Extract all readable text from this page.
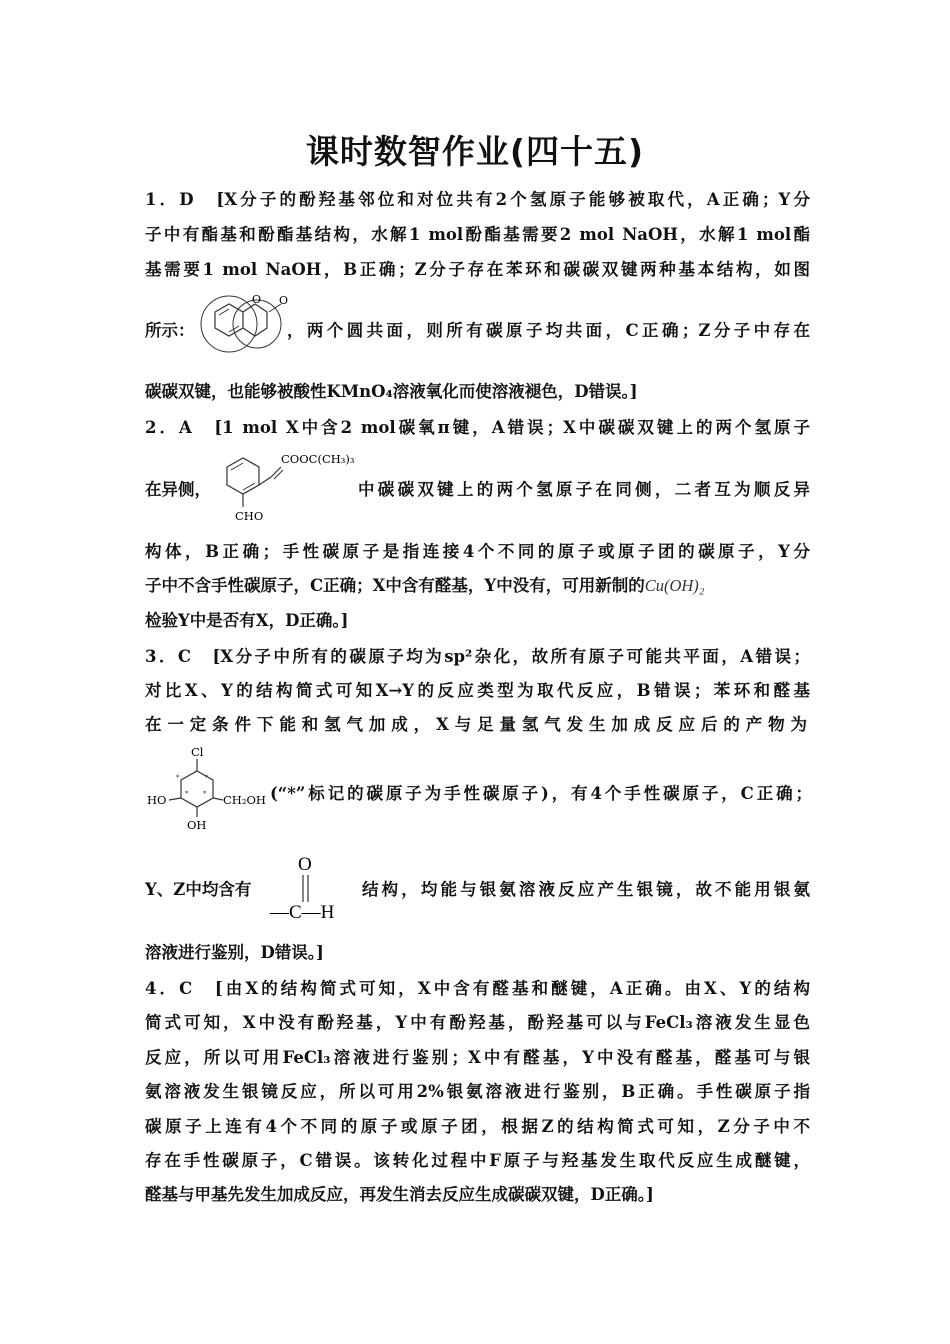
课时数智作业(四十五)
1．D　[X分子的酚羟基邻位和对位共有2个氢原子能够被取代，A正确；Y分
子中有酯基和酚酯基结构，水解1 mol酚酯基需要2 mol NaOH，水解1 mol酯
基需要1 mol NaOH，B正确；Z分子存在苯环和碳碳双键两种基本结构，如图
所示：
O O
，两个圆共面，则所有碳原子均共面，C正确；Z分子中存在
碳碳双键，也能够被酸性KMnO₄溶液氧化而使溶液褪色，D错误。]
2．A　[1 mol X中含2 mol碳氧π键，A错误；X中碳碳双键上的两个氢原子
在异侧，
COOC(CH₃)₃
CHO
中碳碳双键上的两个氢原子在同侧，二者互为顺反异
构体，B正确；手性碳原子是指连接4个不同的原子或原子团的碳原子，Y分
子中不含手性碳原子，C正确；X中含有醛基，Y中没有，可用新制的Cu(OH)₂
检验Y中是否有X，D正确。]
3．C　[X分子中所有的碳原子均为sp²杂化，故所有原子可能共平面，A错误；
对比X、Y的结构简式可知X→Y的反应类型为取代反应，B错误；苯环和醛基
在一定条件下能和氢气加成，X与足量氢气发生加成反应后的产物为
Cl
*
*
*
*
HO	CH₂OH
OH
(“*”标记的碳原子为手性碳原子)，有4个手性碳原子，C正确；
Y、Z中均含有
O
—C—H
结构，均能与银氨溶液反应产生银镜，故不能用银氨
溶液进行鉴别，D错误。]
4．C　[由X的结构简式可知，X中含有醛基和醚键，A正确。由X、Y的结构
简式可知，X中没有酚羟基，Y中有酚羟基，酚羟基可以与FeCl₃溶液发生显色
反应，所以可用FeCl₃溶液进行鉴别；X中有醛基，Y中没有醛基，醛基可与银
氨溶液发生银镜反应，所以可用2%银氨溶液进行鉴别，B正确。手性碳原子指
碳原子上连有4个不同的原子或原子团，根据Z的结构简式可知，Z分子中不
存在手性碳原子，C错误。该转化过程中F原子与羟基发生取代反应生成醚键，
醛基与甲基先发生加成反应，再发生消去反应生成碳碳双键，D正确。]
